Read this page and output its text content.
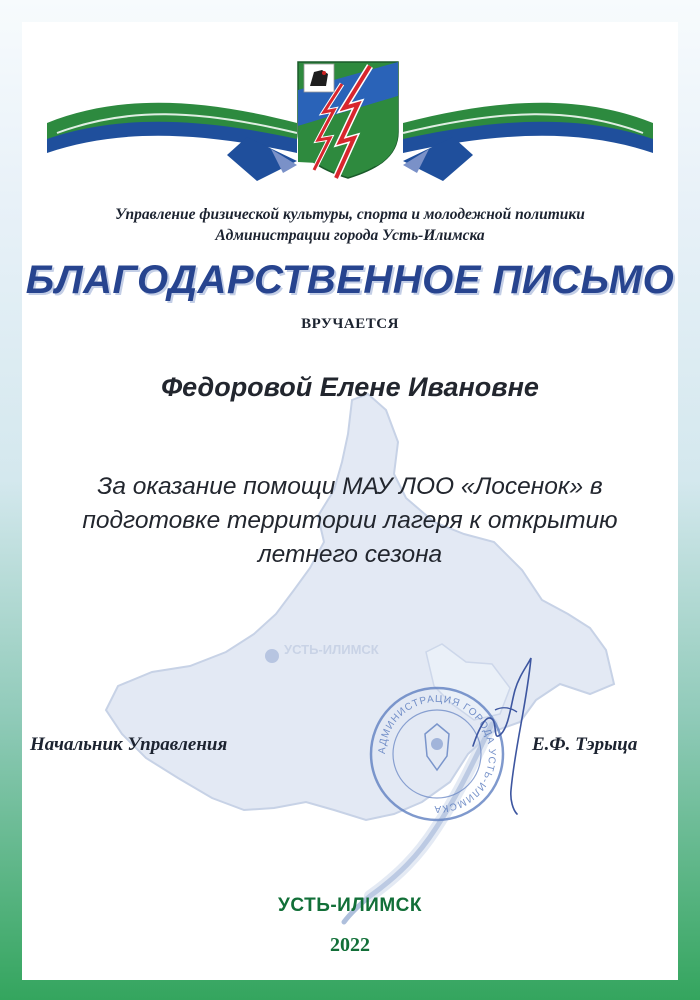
Управление физической культуры, спорта и молодежной политики
Администрации города Усть-Илимска
БЛАГОДАРСТВЕННОЕ ПИСЬМО
ВРУЧАЕТСЯ
Федоровой Елене Ивановне
За оказание помощи МАУ ЛОО «Лосенок» в
подготовке территории лагеря к открытию
летнего сезона
УСТЬ-ИЛИМСК
АДМИНИСТРАЦИЯ ГОРОДА УСТЬ-ИЛИМСКА
Начальник Управления	Е.Ф. Тэрыца
УСТЬ-ИЛИМСК
2022
